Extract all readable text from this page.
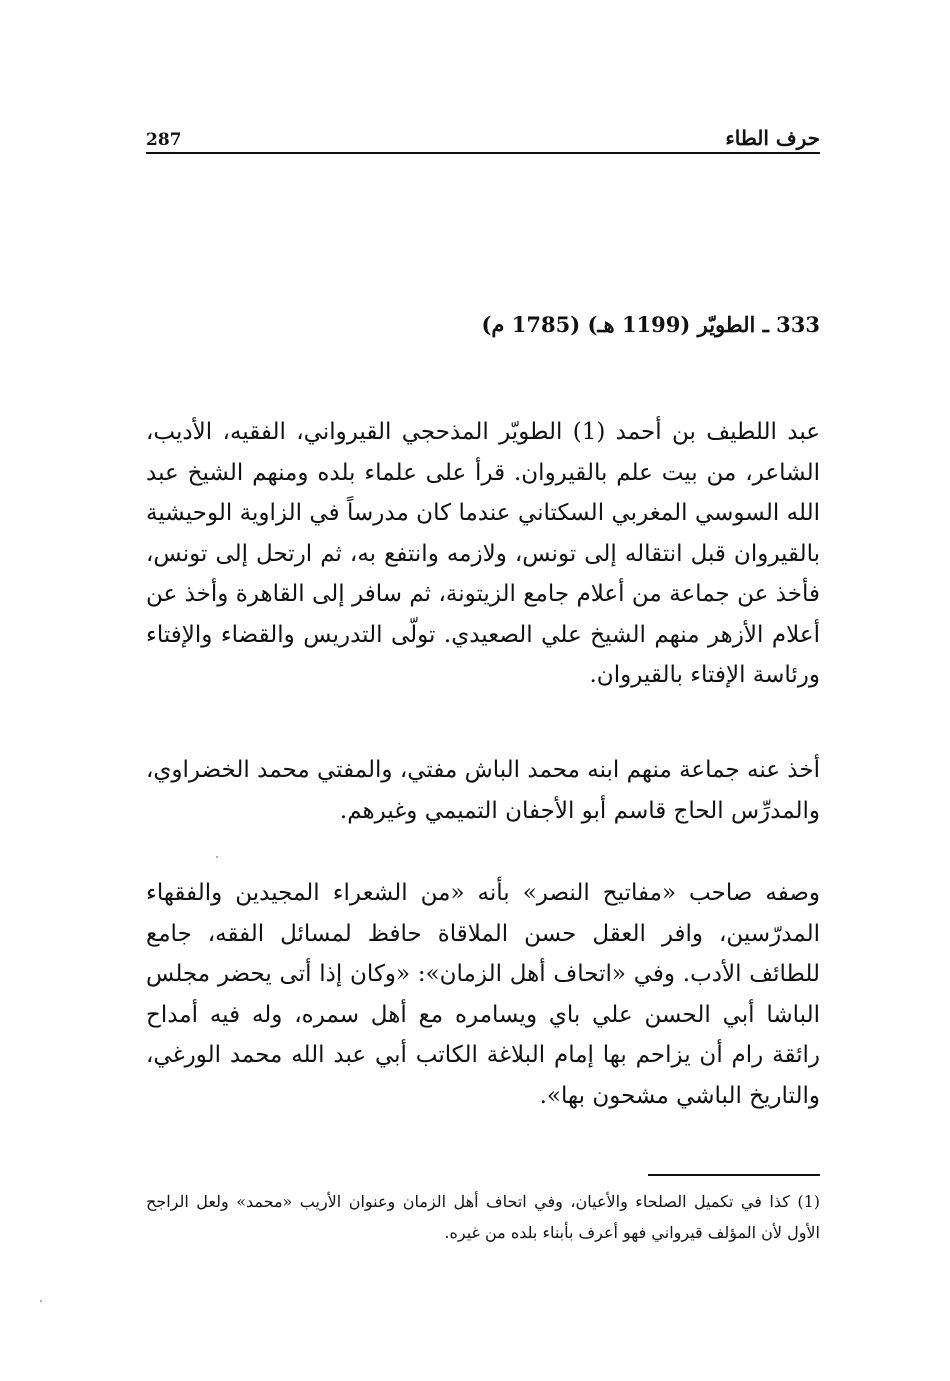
287	حرف الطاء
333 ـ الطويّر (1199 هـ) (1785 م)

عبد اللطيف بن أحمد (1) الطويّر المذحجي القيرواني، الفقيه، الأديب، الشاعر، من بيت علم بالقيروان. قرأ على علماء بلده ومنهم الشيخ عبد الله السوسي المغربي السكتاني عندما كان مدرساً في الزاوية الوحيشية بالقيروان قبل انتقاله إلى تونس، ولازمه وانتفع به، ثم ارتحل إلى تونس، فأخذ عن جماعة من أعلام جامع الزيتونة، ثم سافر إلى القاهرة وأخذ عن أعلام الأزهر منهم الشيخ علي الصعيدي. تولّى التدريس والقضاء والإفتاء ورئاسة الإفتاء بالقيروان.

أخذ عنه جماعة منهم ابنه محمد الباش مفتي، والمفتي محمد الخضراوي، والمدرِّس الحاج قاسم أبو الأجفان التميمي وغيرهم.

وصفه صاحب «مفاتيح النصر» بأنه «من الشعراء المجيدين والفقهاء المدرّسين، وافر العقل حسن الملاقاة حافظ لمسائل الفقه، جامع للطائف الأدب. وفي «اتحاف أهل الزمان»: «وكان إذا أتى يحضر مجلس الباشا أبي الحسن علي باي ويسامره مع أهل سمره، وله فيه أمداح رائقة رام أن يزاحم بها إمام البلاغة الكاتب أبي عبد الله محمد الورغي، والتاريخ الباشي مشحون بها».

(1) كذا في تكميل الصلحاء والأعيان، وفي اتحاف أهل الزمان وعنوان الأريب «محمد» ولعل الراجح الأول لأن المؤلف قيرواني فهو أعرف بأبناء بلده من غيره.
